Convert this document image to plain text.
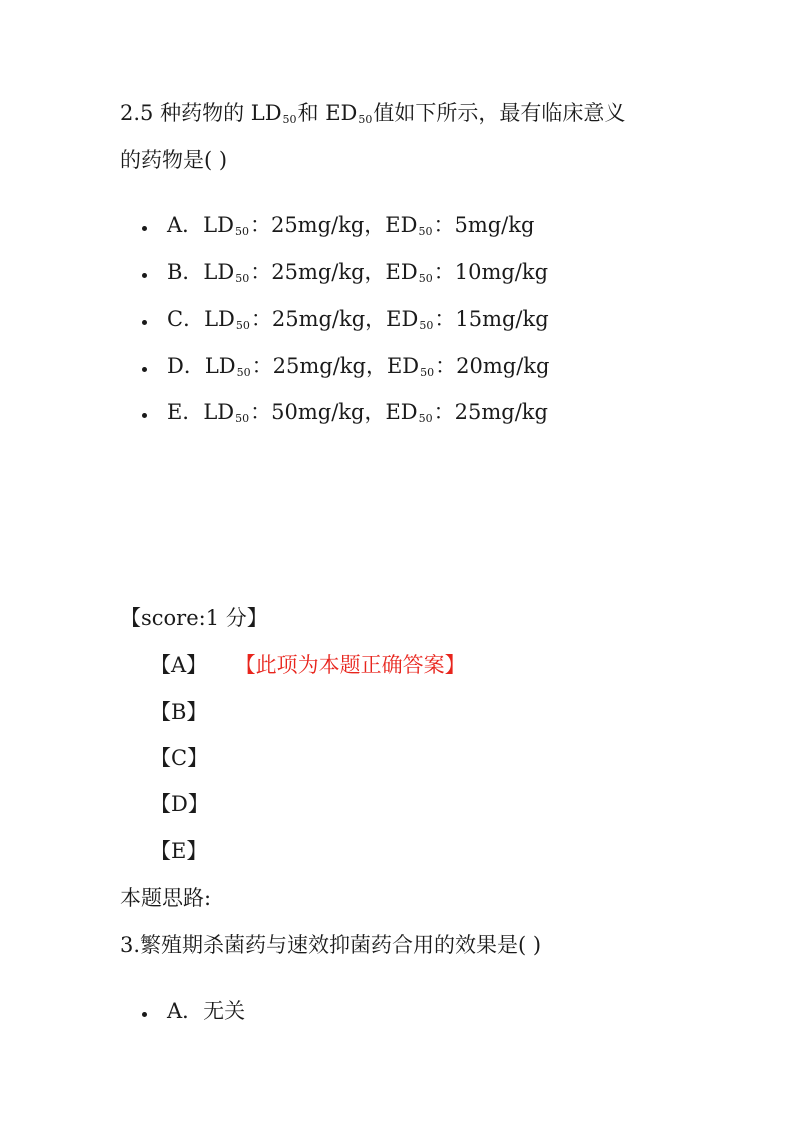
2.5 种药物的 $LD_{50}$和 $ED_{50}$值如下所示，最有临床意义
的药物是( )
A．$LD_{50}$：25mg/kg，$ED_{50}$：5mg/kg
B．$LD_{50}$：25mg/kg，$ED_{50}$：10mg/kg
C．$LD_{50}$：25mg/kg，$ED_{50}$：15mg/kg
D．$LD_{50}$：25mg/kg，$ED_{50}$：20mg/kg
E．$LD_{50}$：50mg/kg，$ED_{50}$：25mg/kg
【score:1 分】
【A】 【此项为本题正确答案】
【B】
【C】
【D】
【E】
本题思路:
3.繁殖期杀菌药与速效抑菌药合用的效果是( )
A．无关
